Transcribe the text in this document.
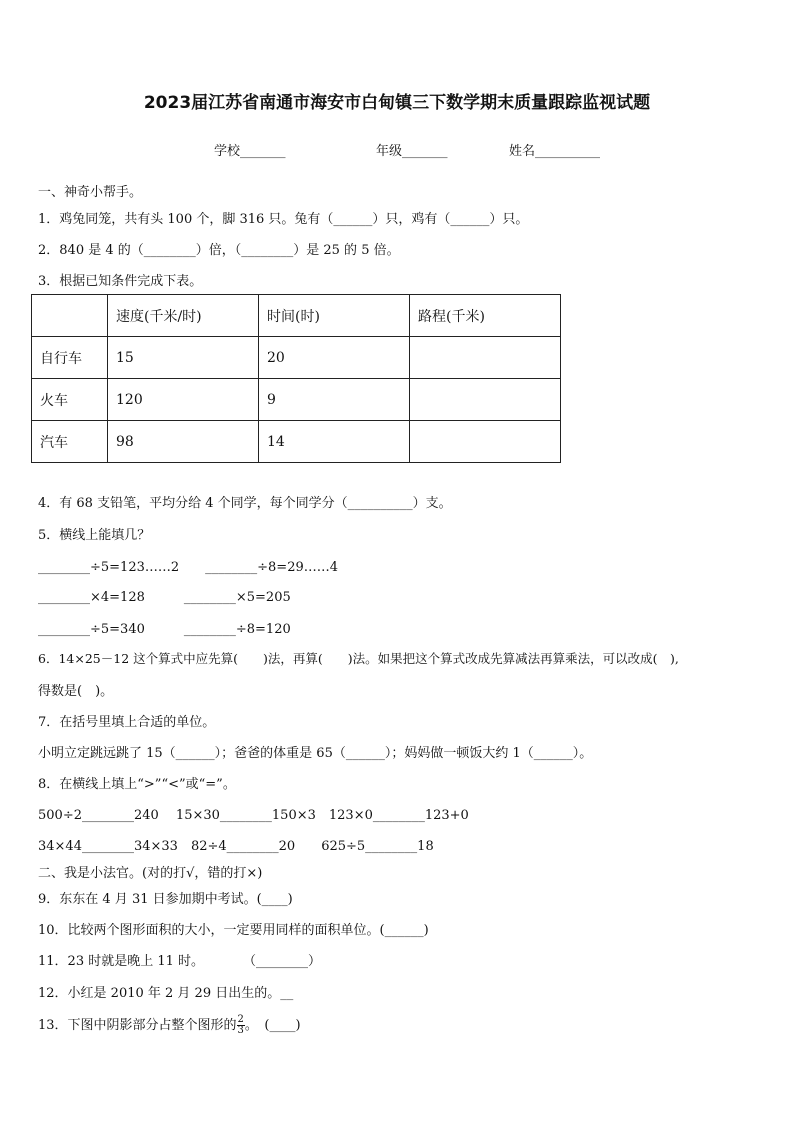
2023届江苏省南通市海安市白甸镇三下数学期末质量跟踪监视试题
学校_______	年级_______	姓名__________
一、神奇小帮手。
1．鸡兔同笼，共有头 100 个，脚 316 只。兔有（______）只，鸡有（______）只。
2．840 是 4 的（________）倍，（________）是 25 的 5 倍。
3．根据已知条件完成下表。
	速度(千米/时)	时间(时)	路程(千米)
自行车	15	20	
火车	120	9	
汽车	98	14	
4．有 68 支铅笔，平均分给 4 个同学，每个同学分（__________）支。
5．横线上能填几？
________÷5=123……2　　________÷8=29……4
________×4=128　　　________×5=205
________÷5=340　　　________÷8=120
6．14×25－12 这个算式中应先算(　　)法，再算(　　)法。如果把这个算式改成先算减法再算乘法，可以改成(　),
得数是(　)。
7．在括号里填上合适的单位。
小明立定跳远跳了 15（______）；爸爸的体重是 65（______）；妈妈做一顿饭大约 1（______）。
8．在横线上填上“>”“<”或“=”。
500÷2________240　 15×30________150×3　123×0________123+0
34×44________34×33　82÷4________20　　625÷5________18
二、我是小法官。(对的打√，错的打×)
9．东东在 4 月 31 日参加期中考试。(____)
10．比较两个图形面积的大小，一定要用同样的面积单位。(______)
11．23 时就是晚上 11 时。　　　　（________）
12．小红是 2010 年 2 月 29 日出生的。__
13．下图中阴影部分占整个图形的 $\frac{2}{3}$ 。　(____)
